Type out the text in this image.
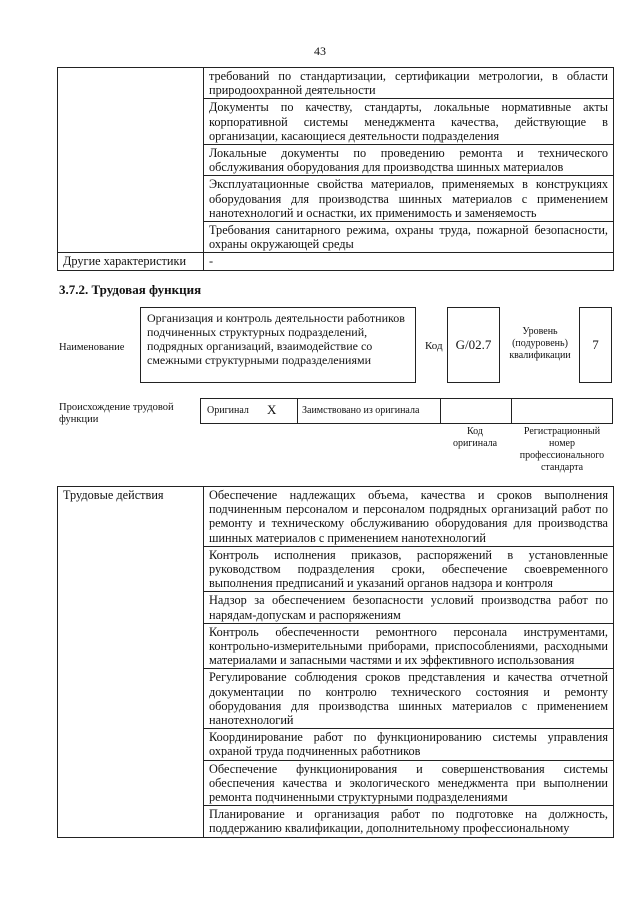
43
	требований по стандартизации, сертификации метрологии, в области природоохранной деятельности
	Документы по качеству, стандарты, локальные нормативные акты корпоративной системы менеджмента качества, действующие в организации, касающиеся деятельности подразделения
	Локальные документы по проведению ремонта и технического обслуживания оборудования для производства шинных материалов
	Эксплуатационные свойства материалов, применяемых в конструкциях оборудования для производства шинных материалов с применением нанотехнологий и оснастки, их применимость и заменяемость
	Требования санитарного режима, охраны труда, пожарной безопасности, охраны окружающей среды
Другие характеристики	-
3.7.2. Трудовая функция
Наименование
Организация и контроль деятельности работников подчиненных структурных подразделений, подрядных организаций, взаимодействие со смежными структурными подразделениями
Код G/02.7
Уровень (подуровень) квалификации
7
Происхождение трудовой функции
Оригинал X	Заимствовано из оригинала
Код оригинала
Регистрационный номер профессионального стандарта
Трудовые действия	Обеспечение надлежащих объема, качества и сроков выполнения подчиненным персоналом и персоналом подрядных организаций работ по ремонту и техническому обслуживанию оборудования для производства шинных материалов с применением нанотехнологий
Контроль исполнения приказов, распоряжений в установленные руководством подразделения сроки, обеспечение своевременного выполнения предписаний и указаний органов надзора и контроля
Надзор за обеспечением безопасности условий производства работ по нарядам-допускам и распоряжениям
Контроль обеспеченности ремонтного персонала инструментами, контрольно-измерительными приборами, приспособлениями, расходными материалами и запасными частями и их эффективного использования
Регулирование соблюдения сроков представления и качества отчетной документации по контролю технического состояния и ремонту оборудования для производства шинных материалов с применением нанотехнологий
Координирование работ по функционированию системы управления охраной труда подчиненных работников
Обеспечение функционирования и совершенствования системы обеспечения качества и экологического менеджмента при выполнении ремонта подчиненными структурными подразделениями
Планирование и организация работ по подготовке на должность, поддержанию квалификации, дополнительному профессиональному
